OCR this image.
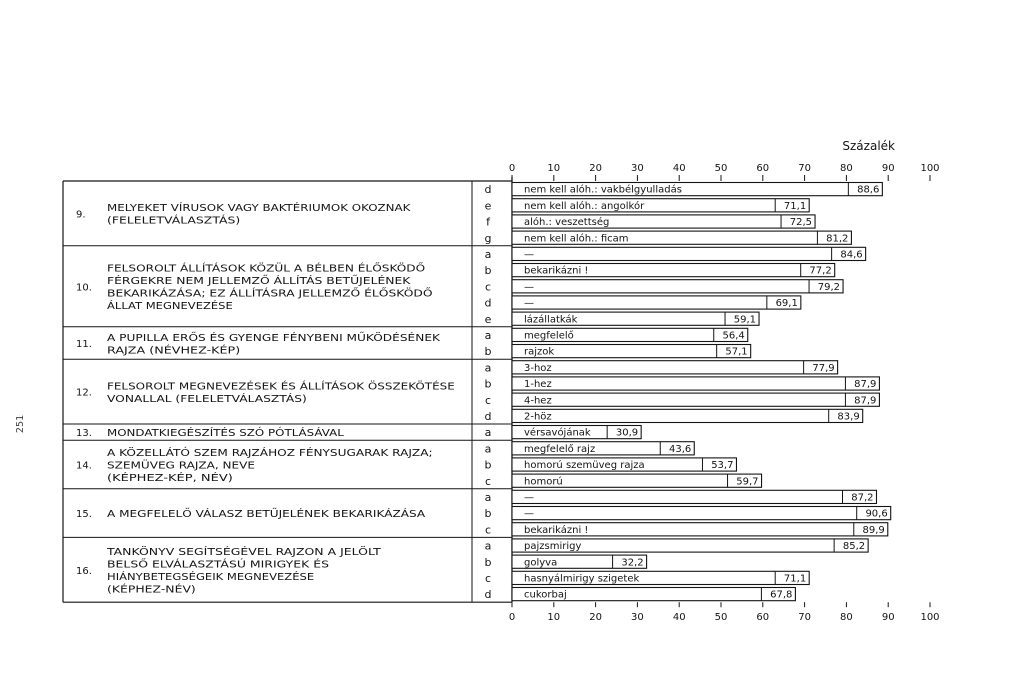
Százalék
0
0
10
10
20
20
30
30
40
40
50
50
60
60
70
70
80
80
90
90
100
100
9.
MELYEKET VÍRUSOK VAGY BAKTÉRIUMOK OKOZNAK
(FELELETVÁLASZTÁS)
d	nem kell alóh.: vakbélgyulladás	88,6
e	nem kell alóh.: angolkór	71,1
f	alóh.: veszettség	72,5
g	nem kell alóh.: ficam	81,2
10.
FELSOROLT ÁLLÍTÁSOK KÖZÜL A BÉLBEN ÉLŐSKÖDŐ
FÉRGEKRE NEM JELLEMZŐ ÁLLÍTÁS BETŰJELÉNEK
BEKARIKÁZÁSA; EZ ÁLLÍTÁSRA JELLEMZŐ ÉLŐSKÖDŐ
ÁLLAT MEGNEVEZÉSE
a	—	84,6
b	bekarikázni !	77,2
c	—	79,2
d	—	69,1
e	lázállatkák	59,1
11.
A PUPILLA ERŐS ÉS GYENGE FÉNYBENI MŰKÖDÉSÉNEK
RAJZA (NÉVHEZ-KÉP)
a	megfelelő	56,4
b	rajzok	57,1
12.
FELSOROLT MEGNEVEZÉSEK ÉS ÁLLÍTÁSOK ÖSSZEKÖTÉSE
VONALLAL (FELELETVÁLASZTÁS)
a	3-hoz	77,9
b	1-hez	87,9
c	4-hez	87,9
d	2-höz	83,9
13. MONDATKIEGÉSZÍTÉS SZÓ PÓTLÁSÁVAL	a	vérsavójának	30,9
14.
A KÖZELLÁTÓ SZEM RAJZÁHOZ FÉNYSUGARAK RAJZA;
SZEMÜVEG RAJZA, NEVE
(KÉPHEZ-KÉP, NÉV)
a	megfelelő rajz	43,6
b	homorú szemüveg rajza	53,7
c	homorú	59,7
15. A MEGFELELŐ VÁLASZ BETŰJELÉNEK BEKARIKÁZÁSA
a	—	87,2
b	—	90,6
c	bekarikázni !	89,9
16.
TANKÖNYV SEGÍTSÉGÉVEL RAJZON A JELÖLT
BELSŐ ELVÁLASZTÁSÚ MIRIGYEK ÉS
HIÁNYBETEGSÉGEIK MEGNEVEZÉSE
(KÉPHEZ-NÉV)
a	pajzsmirigy	85,2
b	golyva	32,2
c	hasnyálmirigy szigetek	71,1
d	cukorbaj	67,8
251
